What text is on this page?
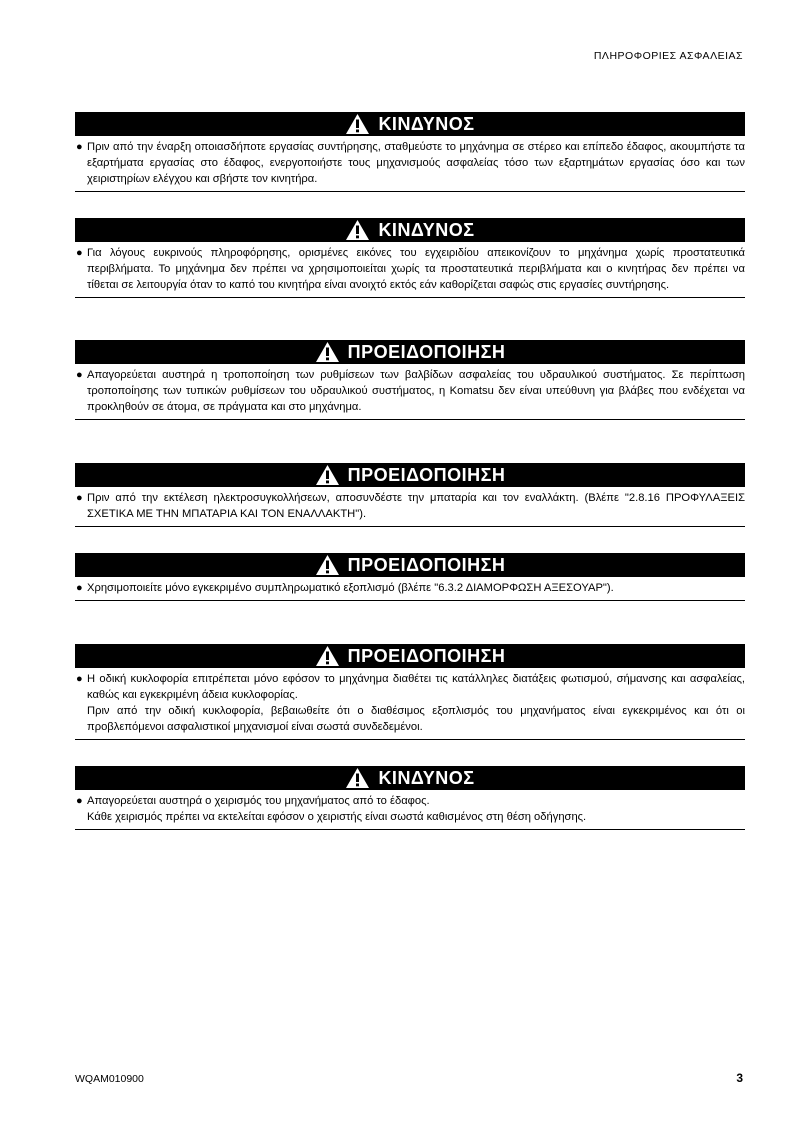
ΠΛΗΡΟΦΟΡΙΕΣ ΑΣΦΑΛΕΙΑΣ
ΚΙΝΔΥΝΟΣ
● Πριν από την έναρξη οποιασδήποτε εργασίας συντήρησης, σταθμεύστε το μηχάνημα σε στέρεο και επίπεδο έδαφος, ακουμπήστε τα εξαρτήματα εργασίας στο έδαφος, ενεργοποιήστε τους μηχανισμούς ασφαλείας τόσο των εξαρτημάτων εργασίας όσο και των χειριστηρίων ελέγχου και σβήστε τον κινητήρα.
ΚΙΝΔΥΝΟΣ
● Για λόγους ευκρινούς πληροφόρησης, ορισμένες εικόνες του εγχειριδίου απεικονίζουν το μηχάνημα χωρίς προστατευτικά περιβλήματα. Το μηχάνημα δεν πρέπει να χρησιμοποιείται χωρίς τα προστατευτικά περιβλήματα και ο κινητήρας δεν πρέπει να τίθεται σε λειτουργία όταν το καπό του κινητήρα είναι ανοιχτό εκτός εάν καθορίζεται σαφώς στις εργασίες συντήρησης.
ΠΡΟΕΙΔΟΠΟΙΗΣΗ
● Απαγορεύεται αυστηρά η τροποποίηση των ρυθμίσεων των βαλβίδων ασφαλείας του υδραυλικού συστήματος. Σε περίπτωση τροποποίησης των τυπικών ρυθμίσεων του υδραυλικού συστήματος, η Komatsu δεν είναι υπεύθυνη για βλάβες που ενδέχεται να προκληθούν σε άτομα, σε πράγματα και στο μηχάνημα.
ΠΡΟΕΙΔΟΠΟΙΗΣΗ
● Πριν από την εκτέλεση ηλεκτροσυγκολλήσεων, αποσυνδέστε την μπαταρία και τον εναλλάκτη. (Βλέπε "2.8.16 ΠΡΟΦΥΛΑΞΕΙΣ ΣΧΕΤΙΚΑ ΜΕ ΤΗΝ ΜΠΑΤΑΡΙΑ ΚΑΙ ΤΟΝ ΕΝΑΛΛΑΚΤΗ").
ΠΡΟΕΙΔΟΠΟΙΗΣΗ
● Χρησιμοποιείτε μόνο εγκεκριμένο συμπληρωματικό εξοπλισμό (βλέπε "6.3.2 ΔΙΑΜΟΡΦΩΣΗ ΑΞΕΣΟΥΑΡ").
ΠΡΟΕΙΔΟΠΟΙΗΣΗ
● Η οδική κυκλοφορία επιτρέπεται μόνο εφόσον το μηχάνημα διαθέτει τις κατάλληλες διατάξεις φωτισμού, σήμανσης και ασφαλείας, καθώς και εγκεκριμένη άδεια κυκλοφορίας.
Πριν από την οδική κυκλοφορία, βεβαιωθείτε ότι ο διαθέσιμος εξοπλισμός του μηχανήματος είναι εγκεκριμένος και ότι οι προβλεπόμενοι ασφαλιστικοί μηχανισμοί είναι σωστά συνδεδεμένοι.
ΚΙΝΔΥΝΟΣ
● Απαγορεύεται αυστηρά ο χειρισμός του μηχανήματος από το έδαφος.
Κάθε χειρισμός πρέπει να εκτελείται εφόσον ο χειριστής είναι σωστά καθισμένος στη θέση οδήγησης.
WQAM010900	3
